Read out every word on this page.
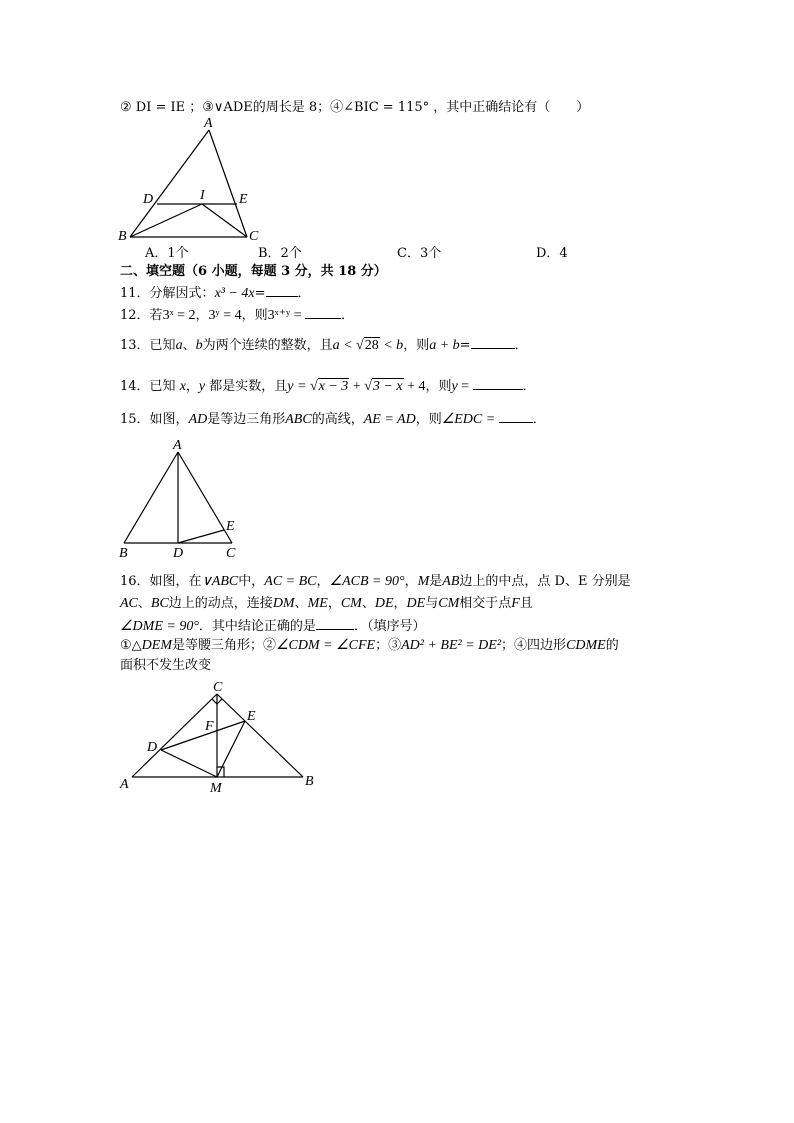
② DI = IE ；③∨ADE的周长是 8；④∠BIC = 115° ，其中正确结论有（　　）
A
D	I E
B	C
A．1个	B．2个	C．3个	D．4
二、填空题（6 小题，每题 3 分，共 18 分）
11．分解因式：x³ − 4x= ．
12．若3ˣ = 2，3ʸ = 4，则3ˣ⁺ʸ =	．
13．已知a、b为两个连续的整数，且a < √28 < b，则a + b=	．
14．已知 x，y 都是实数，且y = √x − 3 + √3 − x + 4，则y =	．
15．如图，AD是等边三角形ABC的高线，AE = AD，则∠EDC =	．
A
E
B	D	C
16．如图，在∨ABC中，AC = BC，∠ACB = 90°，M是AB边上的中点，点 D、E 分别是
AC、BC边上的动点，连接DM、ME，CM、DE，DE与CM相交于点F且
∠DME = 90°．其中结论正确的是	．（填序号）
①△DEM是等腰三角形；②∠CDM = ∠CFE；③AD² + BE² = DE²；④四边形CDME的
面积不发生改变
C
F
E
D
A	M	B
